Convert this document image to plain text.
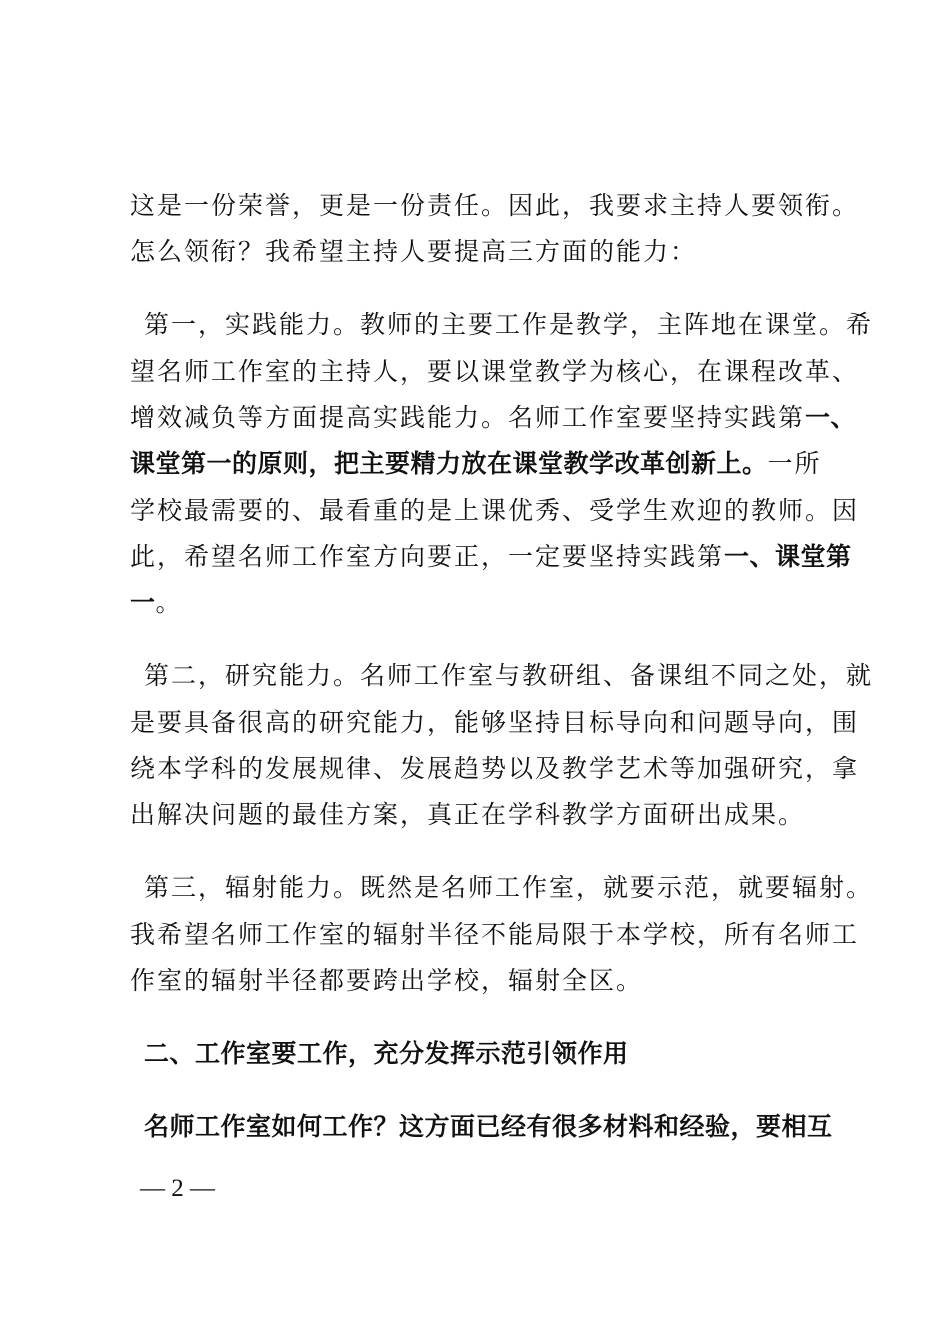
这是一份荣誉，更是一份责任。因此，我要求主持人要领衔。
怎么领衔？我希望主持人要提高三方面的能力：
第一，实践能力。教师的主要工作是教学，主阵地在课堂。希
望名师工作室的主持人，要以课堂教学为核心，在课程改革、
增效减负等方面提高实践能力。名师工作室要坚持实践第一、
课堂第一的原则，把主要精力放在课堂教学改革创新上。一所
学校最需要的、最看重的是上课优秀、受学生欢迎的教师。因
此，希望名师工作室方向要正，一定要坚持实践第一、课堂第
一。
第二，研究能力。名师工作室与教研组、备课组不同之处，就
是要具备很高的研究能力，能够坚持目标导向和问题导向，围
绕本学科的发展规律、发展趋势以及教学艺术等加强研究，拿
出解决问题的最佳方案，真正在学科教学方面研出成果。
第三，辐射能力。既然是名师工作室，就要示范，就要辐射。
我希望名师工作室的辐射半径不能局限于本学校，所有名师工
作室的辐射半径都要跨出学校，辐射全区。
二、工作室要工作，充分发挥示范引领作用
名师工作室如何工作？这方面已经有很多材料和经验，要相互
— 2 —
